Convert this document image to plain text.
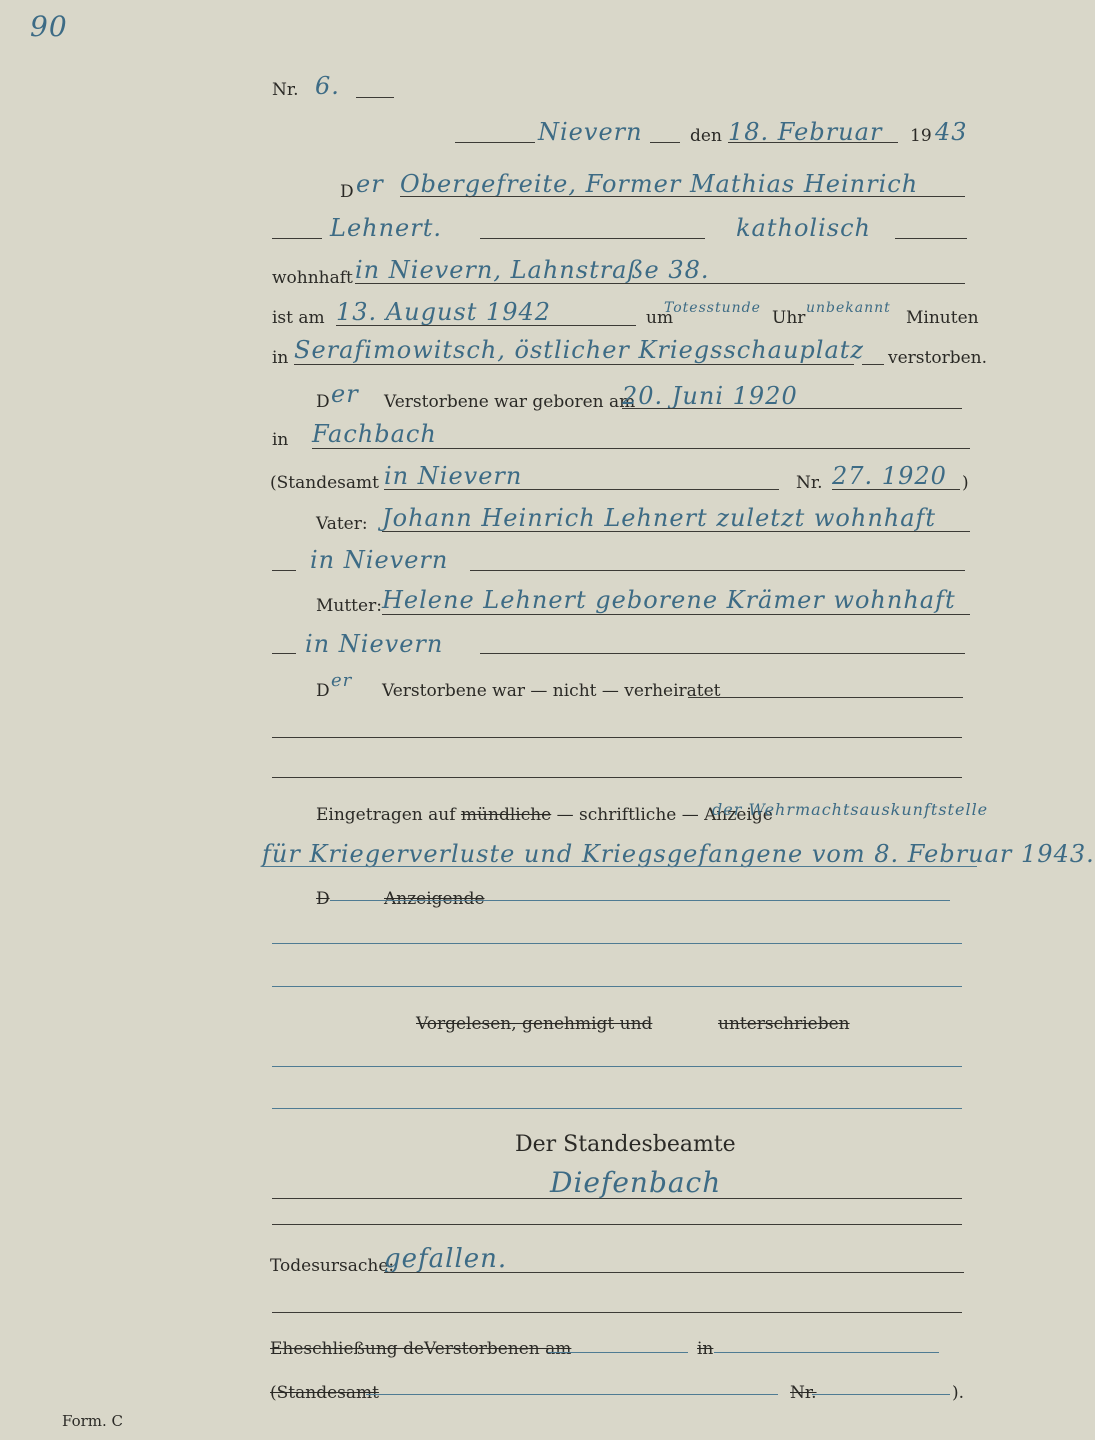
90
Nr. 6.
Nievern	den 18. Februar 19 43
D er Obergefreite, Former Mathias Heinrich
Lehnert.	katholisch
wohnhaft in Nievern, Lahnstraße 38.
ist am 13. August 1942	um
Totesstunde Uhr unbekannt Minuten
in Serafimowitsch, östlicher Kriegsschauplatz verstorben.
D er Verstorbene war geboren am
20. Juni 1920
in Fachbach
(Standesamt in Nievern	Nr. 27. 1920 )
Vater: Johann Heinrich Lehnert zuletzt wohnhaft
in Nievern
Mutter: Helene Lehnert geborene Krämer wohnhaft
in Nievern
D er Verstorbene war — nicht — verheiratet
Eingetragen auf mündliche — schriftliche — Anzeige
der Wehrmachtsauskunftstelle
für Kriegerverluste und Kriegsgefangene vom 8. Februar 1943.
D	Anzeigende
Vorgelesen, genehmigt und	unterschrieben
Der Standesbeamte
Diefenbach
Todesursache:
gefallen.
Eheschließung de Verstorbenen am	in
(Standesamt	Nr.	).
Form. C
